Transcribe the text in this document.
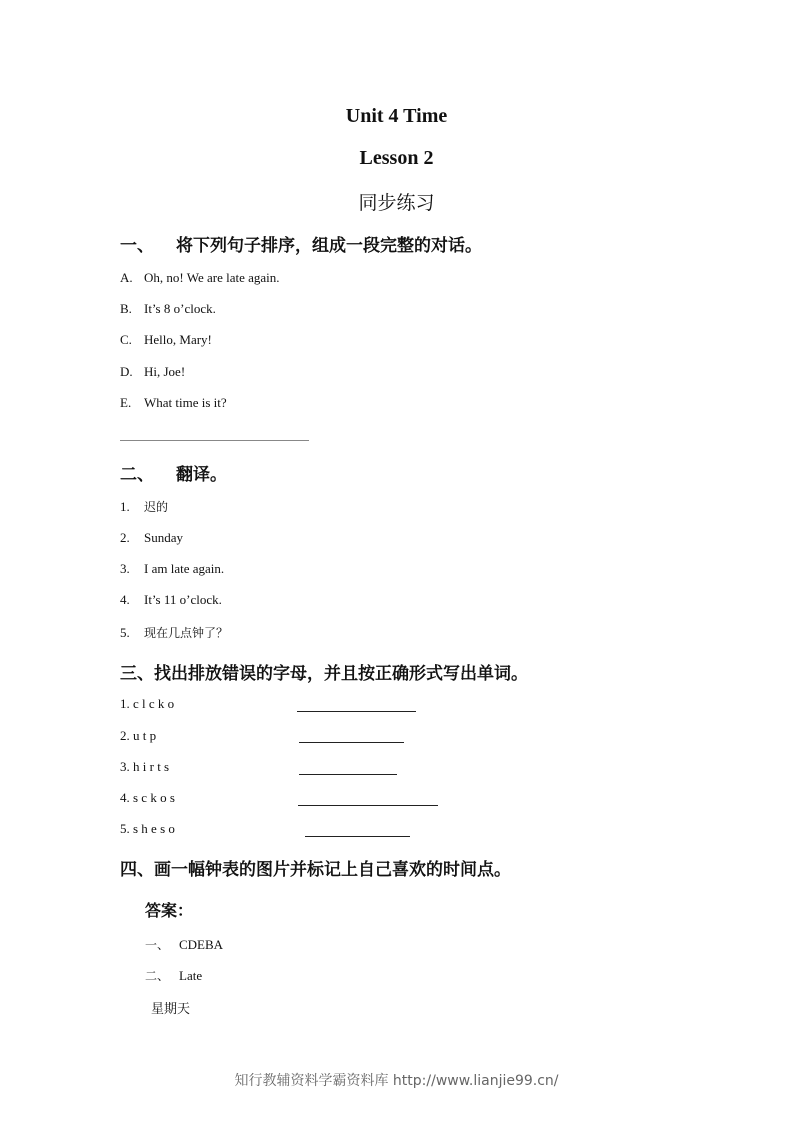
Unit 4 Time
Lesson 2
同步练习
一、 将下列句子排序，组成一段完整的对话。
A. Oh, no! We are late again.
B. It’s 8 o’clock.
C. Hello, Mary!
D. Hi, Joe!
E. What time is it?
二、 翻译。
1. 迟的
2. Sunday
3. I am late again.
4. It’s 11 o’clock.
5. 现在几点钟了？
三、找出排放错误的字母，并且按正确形式写出单词。
1. c l c k o
2. u t p
3. h i r t s
4. s c k o s
5. s h e s o
四、画一幅钟表的图片并标记上自己喜欢的时间点。
答案：
一、 CDEBA
二、 Late
星期天
知行教辅资料学霸资料库 http://www.lianjie99.cn/
